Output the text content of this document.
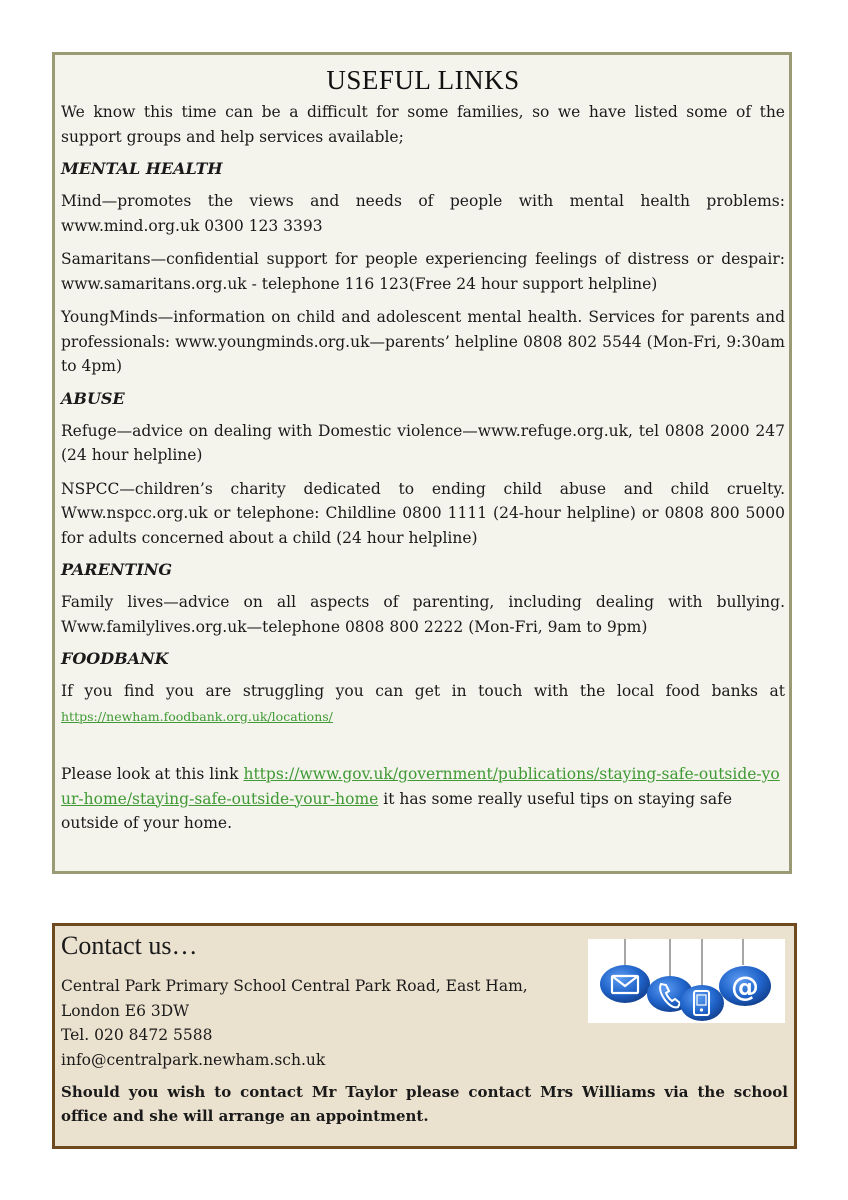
USEFUL LINKS

We know this time can be a difficult for some families, so we have listed some of the support groups and help services available;

MENTAL HEALTH

Mind—promotes the views and needs of people with mental health problems: www.mind.org.uk 0300 123 3393

Samaritans—confidential support for people experiencing feelings of distress or despair: www.samaritans.org.uk - telephone 116 123(Free 24 hour support helpline)

YoungMinds—information on child and adolescent mental health. Services for parents and professionals: www.youngminds.org.uk—parents’ helpline 0808 802 5544 (Mon-Fri, 9:30am to 4pm)

ABUSE

Refuge—advice on dealing with Domestic violence—www.refuge.org.uk, tel 0808 2000 247 (24 hour helpline)

NSPCC—children’s charity dedicated to ending child abuse and child cruelty. Www.nspcc.org.uk or telephone: Childline 0800 1111 (24-hour helpline) or 0808 800 5000 for adults concerned about a child (24 hour helpline)

PARENTING

Family lives—advice on all aspects of parenting, including dealing with bullying. Www.familylives.org.uk—telephone 0808 800 2222 (Mon-Fri, 9am to 9pm)

FOODBANK

If you find you are struggling you can get in touch with the local food banks at https://newham.foodbank.org.uk/locations/

Please look at this link https://www.gov.uk/government/publications/staying-safe-outside-your-home/staying-safe-outside-your-home it has some really useful tips on staying safe outside of your home.

Contact us…

Central Park Primary School Central Park Road, East Ham,

London E6 3DW

Tel. 020 8472 5588

info@centralpark.newham.sch.uk

Should you wish to contact Mr Taylor please contact Mrs Williams via the school office and she will arrange an appointment.

@
